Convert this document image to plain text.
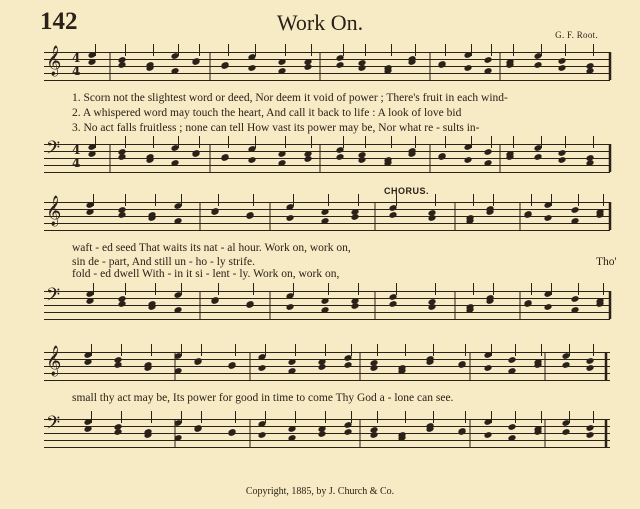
142	Work On.	G. F. Root.
𝄞 4
4
1. Scorn not the slightest word or deed, Nor deem it void of power ; There's fruit in each wind-
2. A whispered word may touch the heart, And call it back to life : A look of love bid
3. No act falls fruitless ; none can tell How vast its power may be, Nor what re - sults in-
𝄢 4
4
CHORUS.
𝄞
waft - ed seed That waits its nat - al hour. Work on, work on,
sin de - part, And still un - ho - ly strife.	Tho'
fold - ed dwell With - in it si - lent - ly. Work on, work on,
𝄢
𝄞
small thy act may be, Its power for good in time to come Thy God a - lone can see.
𝄢
Copyright, 1885, by J. Church & Co.
